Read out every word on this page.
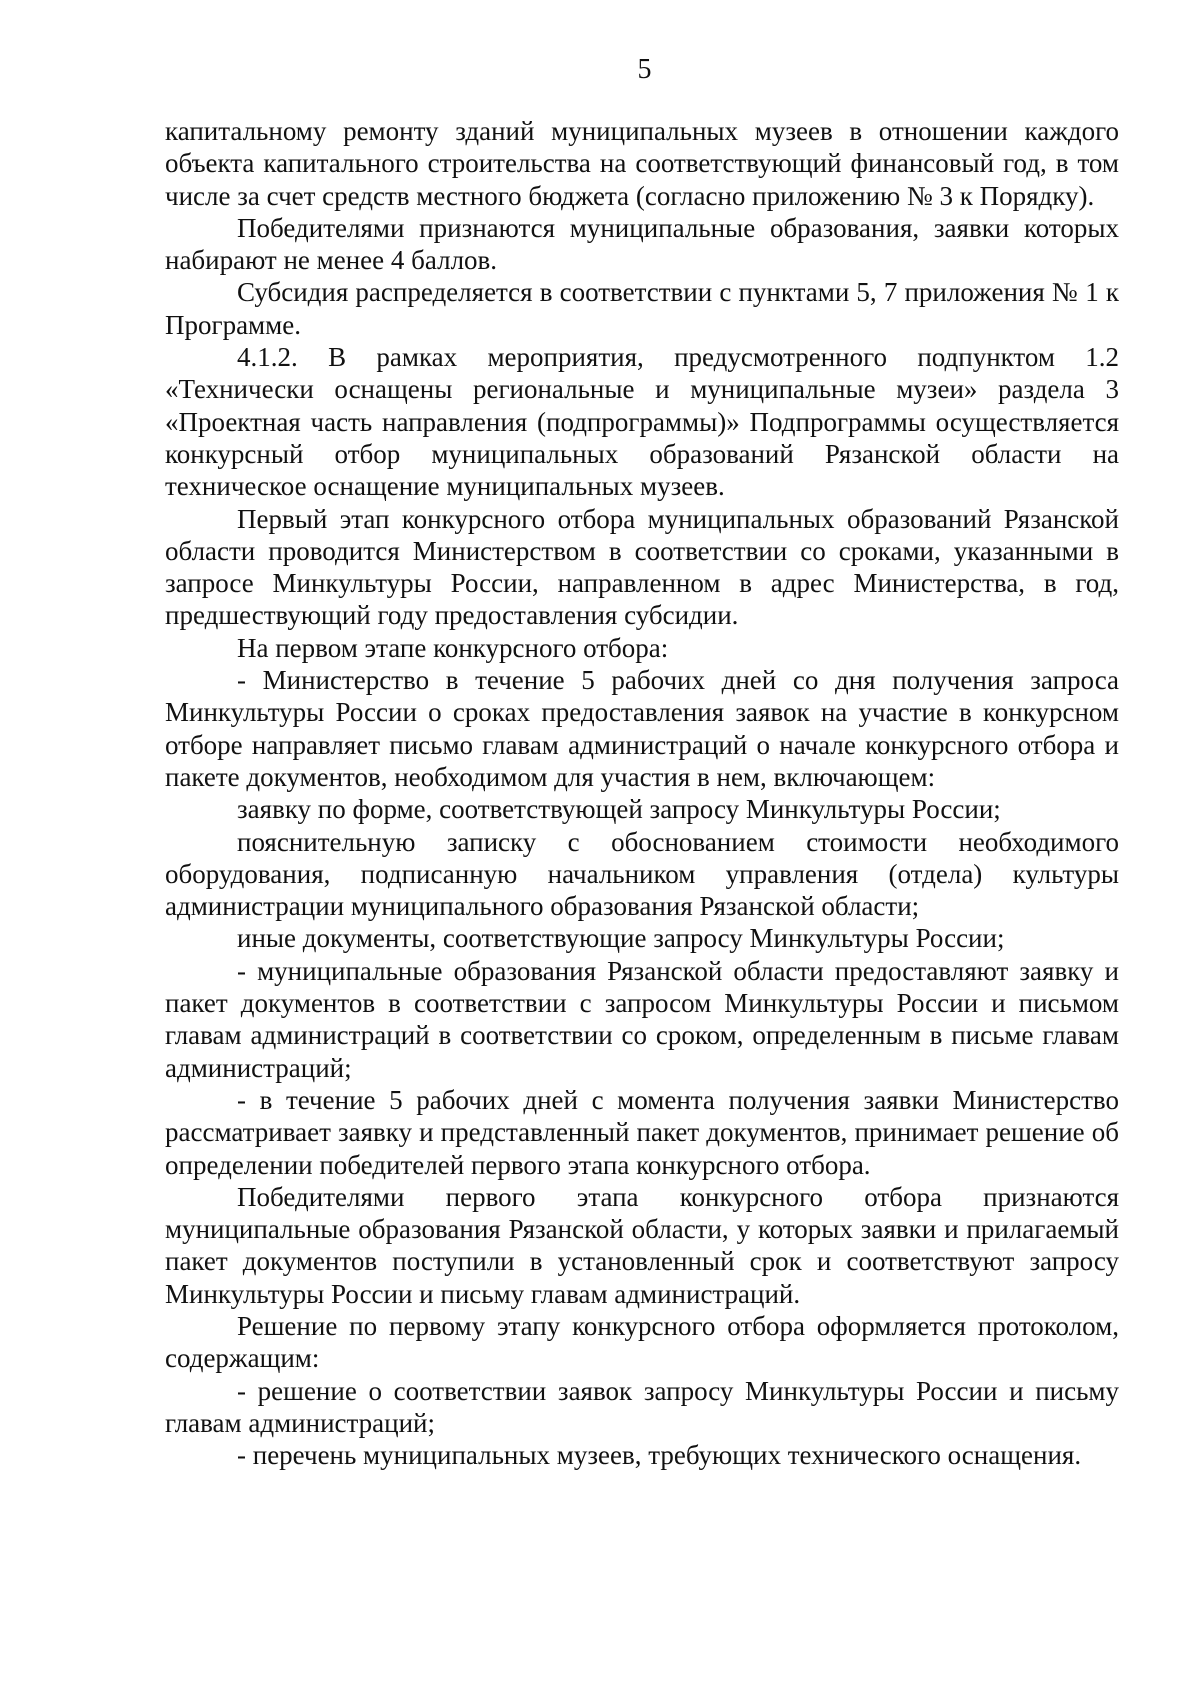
5

капитальному ремонту зданий муниципальных музеев в отношении каждого объекта капитального строительства на соответствующий финансовый год, в том числе за счет средств местного бюджета (согласно приложению № 3 к Порядку).

Победителями признаются муниципальные образования, заявки которых набирают не менее 4 баллов.

Субсидия распределяется в соответствии с пунктами 5, 7 приложения № 1 к Программе.

4.1.2. В рамках мероприятия, предусмотренного подпунктом 1.2 «Технически оснащены региональные и муниципальные музеи» раздела 3 «Проектная часть направления (подпрограммы)» Подпрограммы осуществляется конкурсный отбор муниципальных образований Рязанской области на техническое оснащение муниципальных музеев.

Первый этап конкурсного отбора муниципальных образований Рязанской области проводится Министерством в соответствии со сроками, указанными в запросе Минкультуры России, направленном в адрес Министерства, в год, предшествующий году предоставления субсидии.

На первом этапе конкурсного отбора:

- Министерство в течение 5 рабочих дней со дня получения запроса Минкультуры России о сроках предоставления заявок на участие в конкурсном отборе направляет письмо главам администраций о начале конкурсного отбора и пакете документов, необходимом для участия в нем, включающем:

заявку по форме, соответствующей запросу Минкультуры России;

пояснительную записку с обоснованием стоимости необходимого оборудования, подписанную начальником управления (отдела) культуры администрации муниципального образования Рязанской области;

иные документы, соответствующие запросу Минкультуры России;

- муниципальные образования Рязанской области предоставляют заявку и пакет документов в соответствии с запросом Минкультуры России и письмом главам администраций в соответствии со сроком, определенным в письме главам администраций;

- в течение 5 рабочих дней с момента получения заявки Министерство рассматривает заявку и представленный пакет документов, принимает решение об определении победителей первого этапа конкурсного отбора.

Победителями первого этапа конкурсного отбора признаются муниципальные образования Рязанской области, у которых заявки и прилагаемый пакет документов поступили в установленный срок и соответствуют запросу Минкультуры России и письму главам администраций.

Решение по первому этапу конкурсного отбора оформляется протоколом, содержащим:

- решение о соответствии заявок запросу Минкультуры России и письму главам администраций;

- перечень муниципальных музеев, требующих технического оснащения.
